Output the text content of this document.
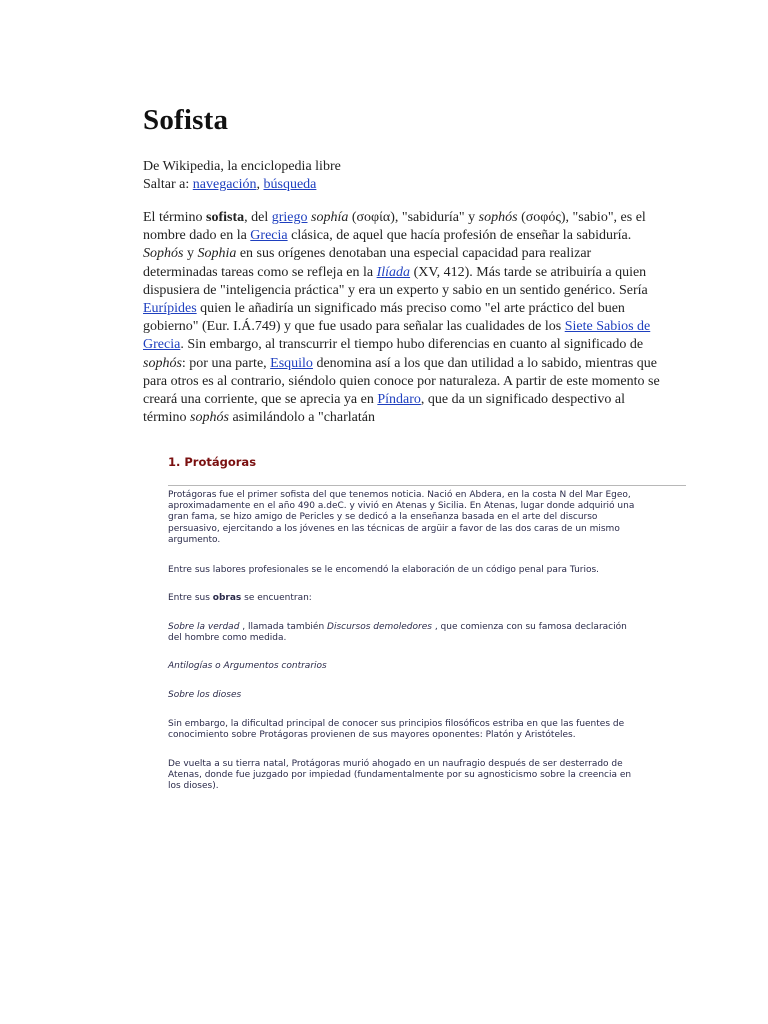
Sofista
De Wikipedia, la enciclopedia libre
Saltar a: navegación, búsqueda
El término sofista, del griego sophía (σοφία), "sabiduría" y sophós (σοφός), "sabio", es el nombre dado en la Grecia clásica, de aquel que hacía profesión de enseñar la sabiduría. Sophós y Sophia en sus orígenes denotaban una especial capacidad para realizar determinadas tareas como se refleja en la Ilíada (XV, 412). Más tarde se atribuiría a quien dispusiera de "inteligencia práctica" y era un experto y sabio en un sentido genérico. Sería Eurípides quien le añadiría un significado más preciso como "el arte práctico del buen gobierno" (Eur. I.Á.749) y que fue usado para señalar las cualidades de los Siete Sabios de Grecia. Sin embargo, al transcurrir el tiempo hubo diferencias en cuanto al significado de sophós: por una parte, Esquilo denomina así a los que dan utilidad a lo sabido, mientras que para otros es al contrario, siéndolo quien conoce por naturaleza. A partir de este momento se creará una corriente, que se aprecia ya en Píndaro, que da un significado despectivo al término sophós asimilándolo a "charlatán
1. Protágoras

Protágoras fue el primer sofista del que tenemos noticia. Nació en Abdera, en la costa N del Mar Egeo, aproximadamente en el año 490 a.deC. y vivió en Atenas y Sicilia. En Atenas, lugar donde adquirió una gran fama, se hizo amigo de Pericles y se dedicó a la enseñanza basada en el arte del discurso persuasivo, ejercitando a los jóvenes en las técnicas de argüir a favor de las dos caras de un mismo argumento.

Entre sus labores profesionales se le encomendó la elaboración de un código penal para Turios.

Entre sus obras se encuentran:

Sobre la verdad , llamada también Discursos demoledores , que comienza con su famosa declaración del hombre como medida.

Antilogías o Argumentos contrarios

Sobre los dioses

Sin embargo, la dificultad principal de conocer sus principios filosóficos estriba en que las fuentes de conocimiento sobre Protágoras provienen de sus mayores oponentes: Platón y Aristóteles.

De vuelta a su tierra natal, Protágoras murió ahogado en un naufragio después de ser desterrado de Atenas, donde fue juzgado por impiedad (fundamentalmente por su agnosticismo sobre la creencia en los dioses).
